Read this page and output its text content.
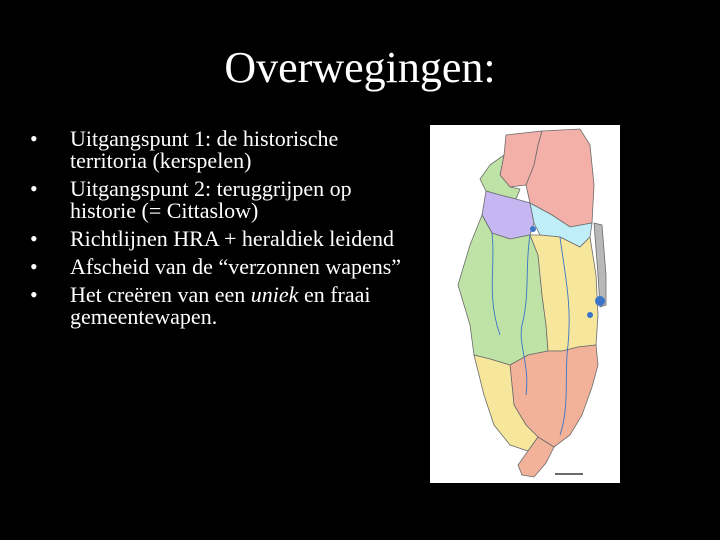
Overwegingen:
• Uitgangspunt 1: de historische territoria (kerspelen)
• Uitgangspunt 2: teruggrijpen op historie (= Cittaslow)
• Richtlijnen HRA + heraldiek leidend
• Afscheid van de “verzonnen wapens”
• Het creëren van een uniek en fraai gemeentewapen.
